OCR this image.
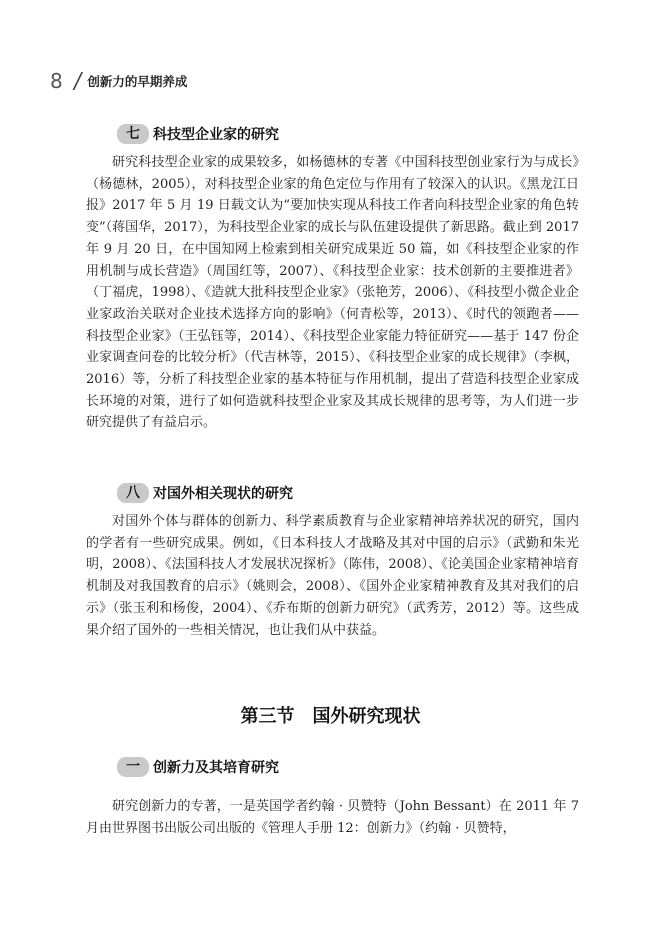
8 / 创新力的早期养成
七 科技型企业家的研究

研究科技型企业家的成果较多，如杨德林的专著《中国科技型创业家行为与成长》（杨德林，2005），对科技型企业家的角色定位与作用有了较深入的认识。《黑龙江日报》2017 年 5 月 19 日载文认为“要加快实现从科技工作者向科技型企业家的角色转变”（蒋国华，2017），为科技型企业家的成长与队伍建设提供了新思路。截止到 2017 年 9 月 20 日，在中国知网上检索到相关研究成果近 50 篇，如《科技型企业家的作用机制与成长营造》（周国红等，2007）、《科技型企业家：技术创新的主要推进者》（丁福虎，1998）、《造就大批科技型企业家》（张艳芳，2006）、《科技型小微企业企业家政治关联对企业技术选择方向的影响》（何青松等，2013）、《时代的领跑者——科技型企业家》（王弘钰等，2014）、《科技型企业家能力特征研究——基于 147 份企业家调查问卷的比较分析》（代吉林等，2015）、《科技型企业家的成长规律》（李枫，2016）等，分析了科技型企业家的基本特征与作用机制，提出了营造科技型企业家成长环境的对策，进行了如何造就科技型企业家及其成长规律的思考等，为人们进一步研究提供了有益启示。

八 对国外相关现状的研究

对国外个体与群体的创新力、科学素质教育与企业家精神培养状况的研究，国内的学者有一些研究成果。例如，《日本科技人才战略及其对中国的启示》（武勤和朱光明，2008）、《法国科技人才发展状况探析》（陈伟，2008）、《论美国企业家精神培育机制及对我国教育的启示》（姚则会，2008）、《国外企业家精神教育及其对我们的启示》（张玉利和杨俊，2004）、《乔布斯的创新力研究》（武秀芳，2012）等。这些成果介绍了国外的一些相关情况，也让我们从中获益。

第三节　国外研究现状
一 创新力及其培育研究

研究创新力的专著，一是英国学者约翰 · 贝赞特（John Bessant）在 2011 年 7 月由世界图书出版公司出版的《管理人手册 12：创新力》（约翰 · 贝赞特，
